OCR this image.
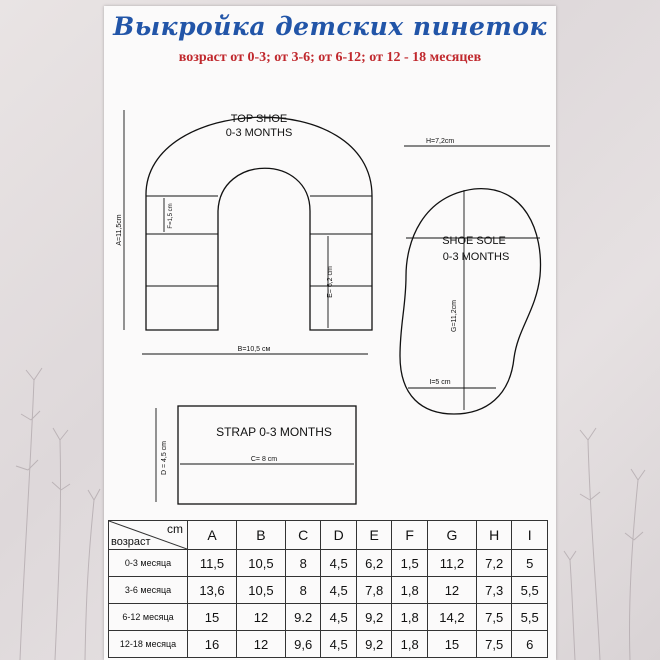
Выкройка детских пинеток
возраст от 0-3; от 3-6; от 6-12; от 12 - 18 месяцев
TOP SHOE
0-3 MONTHS
A=11,5cm	F=1,5 cm
E= 6,2 cm
B=10,5 см
H=7,2cm
SHOE SOLE
0-3 MONTHS
G=11,2cm
I=5 cm
STRAP 0-3 MONTHS
C= 8 cm
D = 4,5 cm
cm
возраст	A	B	C	D	E	F	G	H	I
0-3 месяца	11,5	10,5	8	4,5	6,2	1,5	11,2	7,2	5
3-6 месяца	13,6	10,5	8	4,5	7,8	1,8	12	7,3	5,5
6-12 месяца	15	12	9.2	4,5	9,2	1,8	14,2	7,5	5,5
12-18 месяца	16	12	9,6	4,5	9,2	1,8	15	7,5	6
